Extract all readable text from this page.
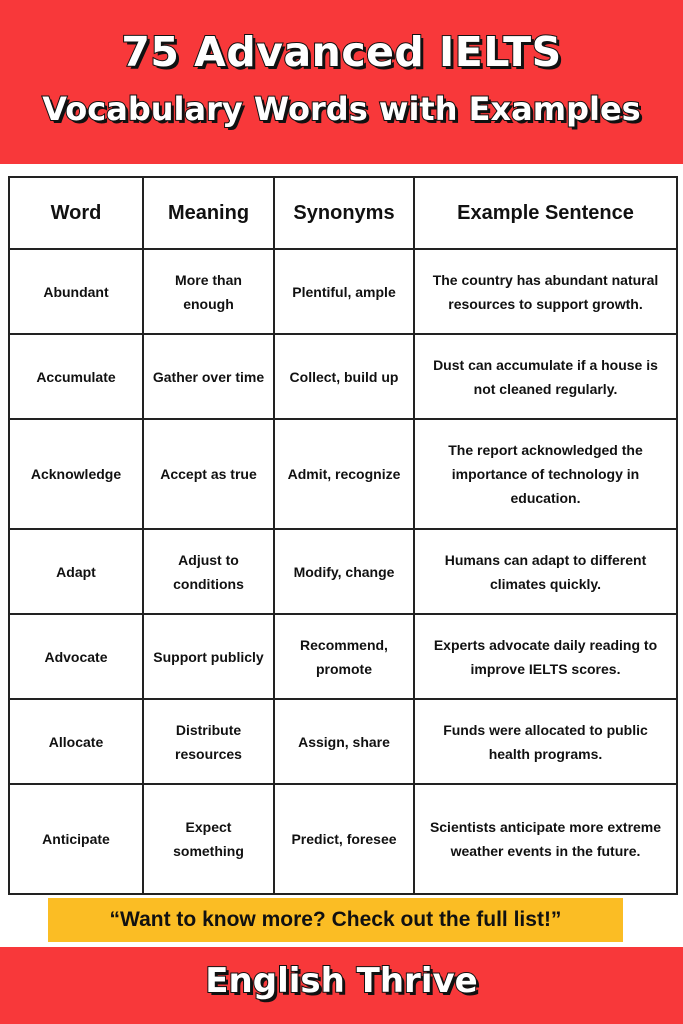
75 Advanced IELTS
Vocabulary Words with Examples
Word	Meaning	Synonyms	Example Sentence
Abundant	More than enough	Plentiful, ample	The country has abundant natural resources to support growth.
Accumulate	Gather over time	Collect, build up	Dust can accumulate if a house is not cleaned regularly.
Acknowledge	Accept as true	Admit, recognize	The report acknowledged the importance of technology in education.
Adapt	Adjust to conditions	Modify, change	Humans can adapt to different climates quickly.
Advocate	Support publicly	Recommend, promote	Experts advocate daily reading to improve IELTS scores.
Allocate	Distribute resources	Assign, share	Funds were allocated to public health programs.
Anticipate	Expect something	Predict, foresee	Scientists anticipate more extreme weather events in the future.
“Want to know more? Check out the full list!”
English Thrive
